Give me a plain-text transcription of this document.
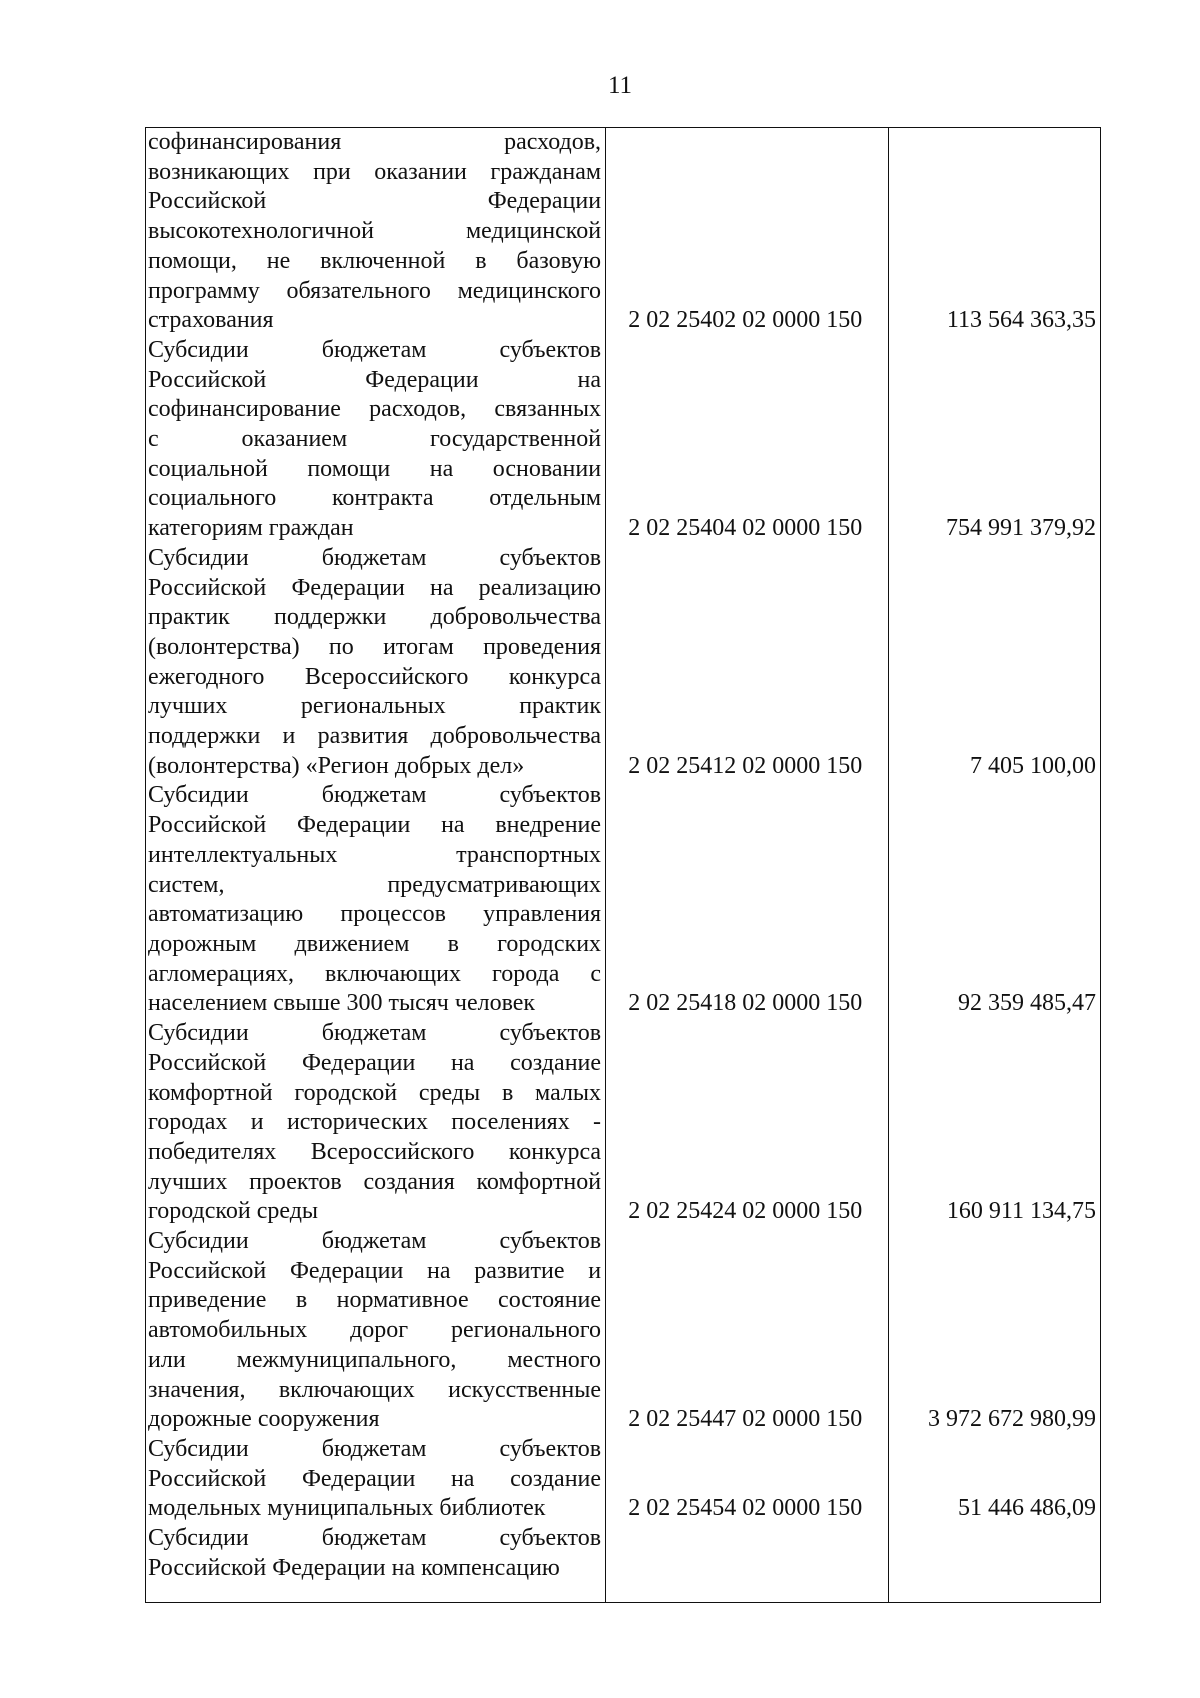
11
софинансирования расходов,
возникающих при оказании гражданам
Российской Федерации
высокотехнологичной медицинской
помощи, не включенной в базовую
программу обязательного медицинского
страхования	2 02 25402 02 0000 150	113 564 363,35
Субсидии бюджетам субъектов
Российской Федерации на
софинансирование расходов, связанных
с оказанием государственной
социальной помощи на основании
социального контракта отдельным
категориям граждан	2 02 25404 02 0000 150	754 991 379,92
Субсидии бюджетам субъектов
Российской Федерации на реализацию
практик поддержки добровольчества
(волонтерства) по итогам проведения
ежегодного Всероссийского конкурса
лучших региональных практик
поддержки и развития добровольчества
(волонтерства) «Регион добрых дел»	2 02 25412 02 0000 150	7 405 100,00
Субсидии бюджетам субъектов
Российской Федерации на внедрение
интеллектуальных транспортных
систем, предусматривающих
автоматизацию процессов управления
дорожным движением в городских
агломерациях, включающих города с
населением свыше 300 тысяч человек	2 02 25418 02 0000 150	92 359 485,47
Субсидии бюджетам субъектов
Российской Федерации на создание
комфортной городской среды в малых
городах и исторических поселениях -
победителях Всероссийского конкурса
лучших проектов создания комфортной
городской среды	2 02 25424 02 0000 150	160 911 134,75
Субсидии бюджетам субъектов
Российской Федерации на развитие и
приведение в нормативное состояние
автомобильных дорог регионального
или межмуниципального, местного
значения, включающих искусственные
дорожные сооружения	2 02 25447 02 0000 150	3 972 672 980,99
Субсидии бюджетам субъектов
Российской Федерации на создание
модельных муниципальных библиотек	2 02 25454 02 0000 150	51 446 486,09
Субсидии бюджетам субъектов
Российской Федерации на компенсацию
